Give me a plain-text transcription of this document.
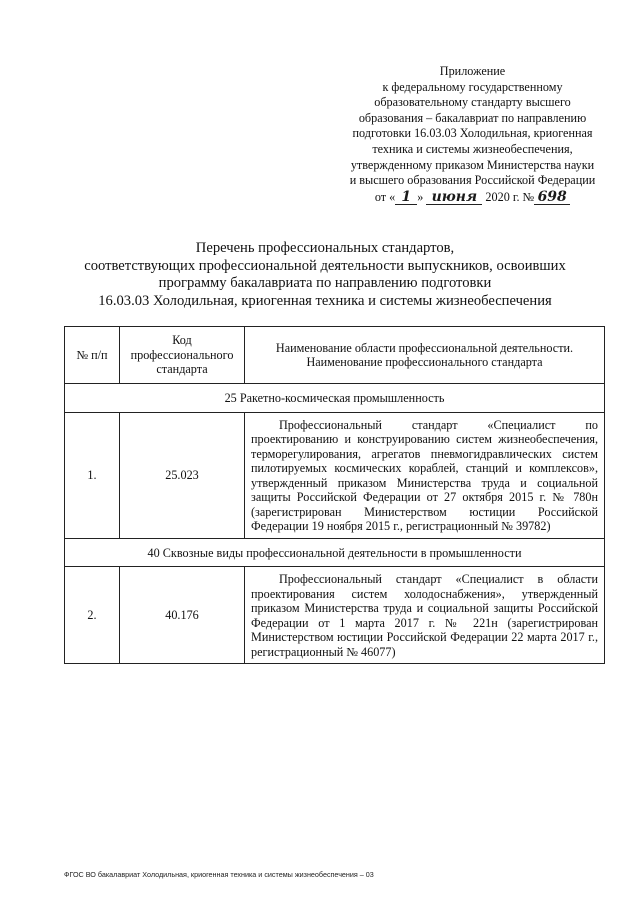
Приложение
к федеральному государственному
образовательному стандарту высшего
образования – бакалавриат по направлению
подготовки 16.03.03 Холодильная, криогенная
техника и системы жизнеобеспечения,
утвержденному приказом Министерства науки
и высшего образования Российской Федерации
от « 1 » июня 2020 г. № 698
Перечень профессиональных стандартов,
соответствующих профессиональной деятельности выпускников, освоивших
программу бакалавриата по направлению подготовки
16.03.03 Холодильная, криогенная техника и системы жизнеобеспечения
№ п/п	Код профессионального стандарта	Наименование области профессиональной деятельности.
Наименование профессионального стандарта

25 Ракетно-космическая промышленность		
1.	25.023	Профессиональный стандарт «Специалист по проектированию и конструированию систем жизнеобеспечения, терморегулирования, агрегатов пневмогидравлических систем пилотируемых космических кораблей, станций и комплексов», утвержденный приказом Министерства труда и социальной защиты Российской Федерации от 27 октября 2015 г. № 780н (зарегистрирован Министерством юстиции Российской Федерации 19 ноября 2015 г., регистрационный № 39782)
40 Сквозные виды профессиональной деятельности в промышленности		
2.	40.176	Профессиональный стандарт «Специалист в области проектирования систем холодоснабжения», утвержденный приказом Министерства труда и социальной защиты Российской Федерации от 1 марта 2017 г. № 221н (зарегистрирован Министерством юстиции Российской Федерации 22 марта 2017 г., регистрационный № 46077)
ФГОС ВО бакалавриат Холодильная, криогенная техника и системы жизнеобеспечения – 03
